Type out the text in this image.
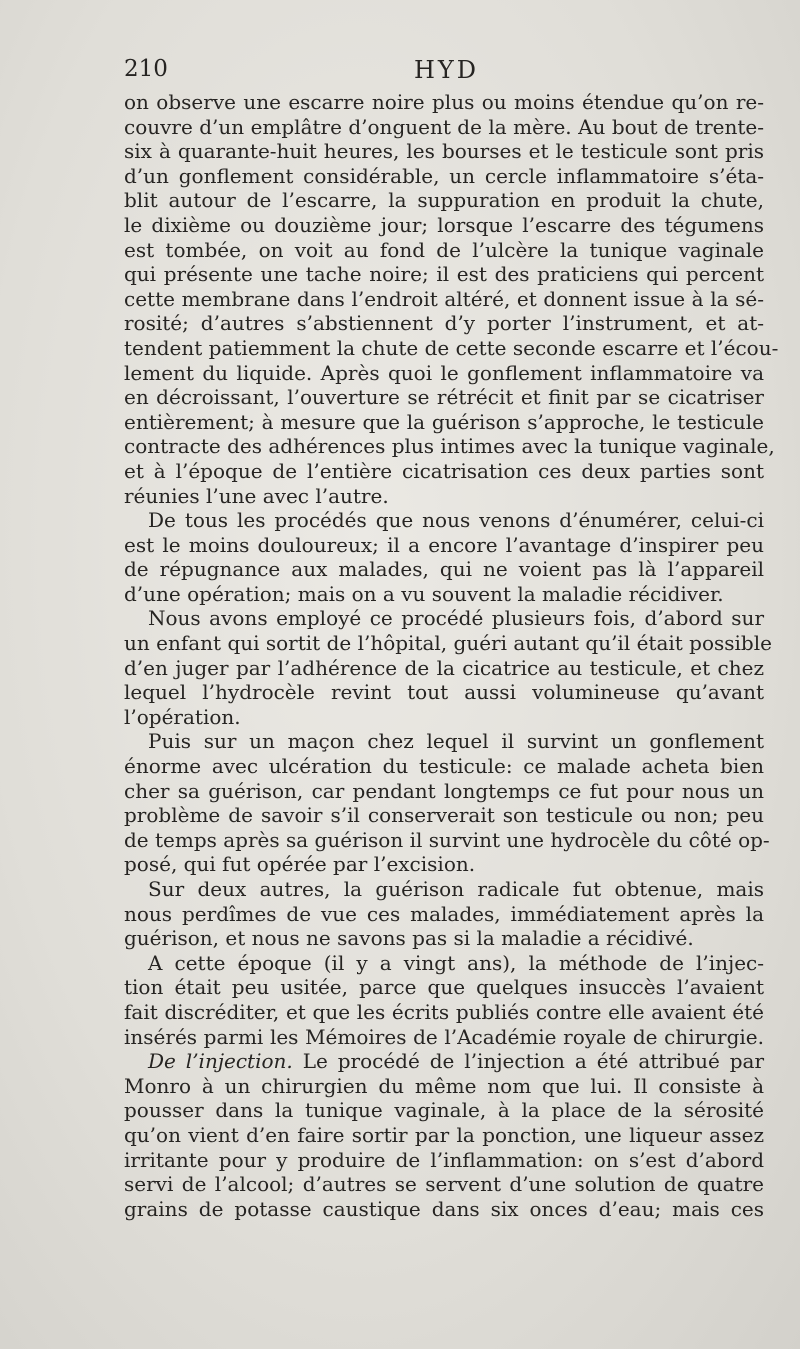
210	HYD
on observe une escarre noire plus ou moins étendue qu’on re-
couvre d’un emplâtre d’onguent de la mère. Au bout de trente-
six à quarante-huit heures, les bourses et le testicule sont pris
d’un gonflement considérable, un cercle inflammatoire s’éta-
blit autour de l’escarre, la suppuration en produit la chute,
le dixième ou douzième jour; lorsque l’escarre des tégumens
est tombée, on voit au fond de l’ulcère la tunique vaginale
qui présente une tache noire; il est des praticiens qui percent
cette membrane dans l’endroit altéré, et donnent issue à la sé-
rosité; d’autres s’abstiennent d’y porter l’instrument, et at-
tendent patiemment la chute de cette seconde escarre et l’écou-
lement du liquide. Après quoi le gonflement inflammatoire va
en décroissant, l’ouverture se rétrécit et finit par se cicatriser
entièrement; à mesure que la guérison s’approche, le testicule
contracte des adhérences plus intimes avec la tunique vaginale,
et à l’époque de l’entière cicatrisation ces deux parties sont
réunies l’une avec l’autre.
De tous les procédés que nous venons d’énumérer, celui-ci
est le moins douloureux; il a encore l’avantage d’inspirer peu
de répugnance aux malades, qui ne voient pas là l’appareil
d’une opération; mais on a vu souvent la maladie récidiver.
Nous avons employé ce procédé plusieurs fois, d’abord sur
un enfant qui sortit de l’hôpital, guéri autant qu’il était possible
d’en juger par l’adhérence de la cicatrice au testicule, et chez
lequel l’hydrocèle revint tout aussi volumineuse qu’avant
l’opération.
Puis sur un maçon chez lequel il survint un gonflement
énorme avec ulcération du testicule: ce malade acheta bien
cher sa guérison, car pendant longtemps ce fut pour nous un
problème de savoir s’il conserverait son testicule ou non; peu
de temps après sa guérison il survint une hydrocèle du côté op-
posé, qui fut opérée par l’excision.
Sur deux autres, la guérison radicale fut obtenue, mais
nous perdîmes de vue ces malades, immédiatement après la
guérison, et nous ne savons pas si la maladie a récidivé.
A cette époque (il y a vingt ans), la méthode de l’injec-
tion était peu usitée, parce que quelques insuccès l’avaient
fait discréditer, et que les écrits publiés contre elle avaient été
insérés parmi les Mémoires de l’Académie royale de chirurgie.
De l’injection. Le procédé de l’injection a été attribué par
Monro à un chirurgien du même nom que lui. Il consiste à
pousser dans la tunique vaginale, à la place de la sérosité
qu’on vient d’en faire sortir par la ponction, une liqueur assez
irritante pour y produire de l’inflammation: on s’est d’abord
servi de l’alcool; d’autres se servent d’une solution de quatre
grains de potasse caustique dans six onces d’eau; mais ces
